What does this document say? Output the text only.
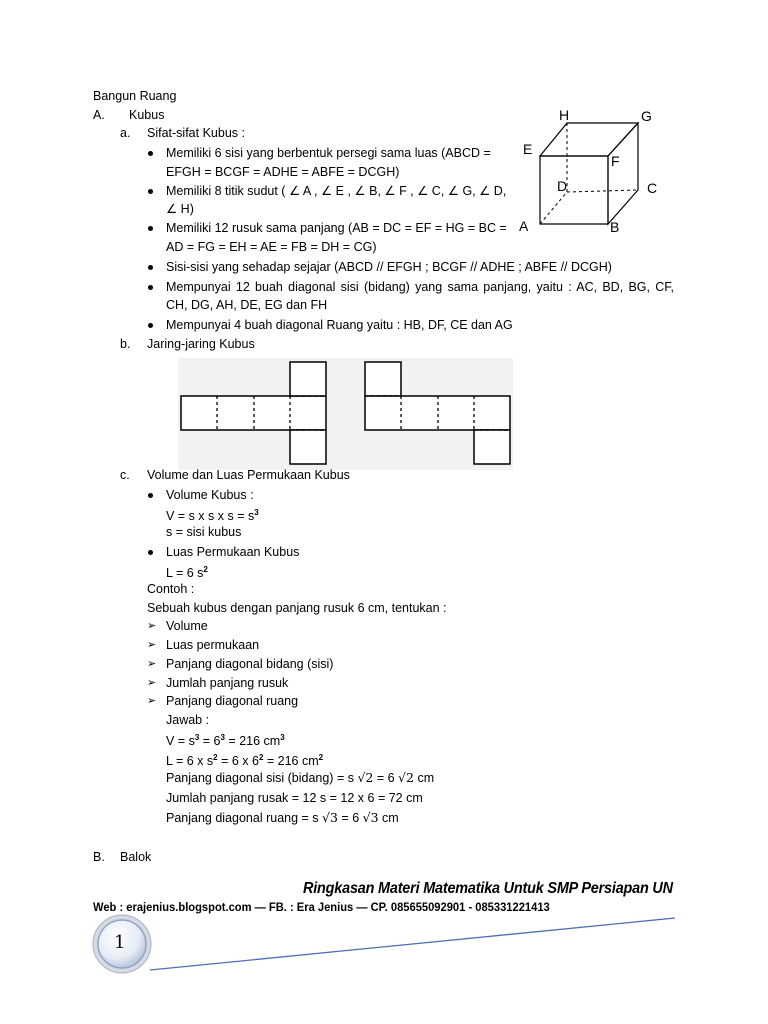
Bangun Ruang
A. Kubus
a. Sifat-sifat Kubus :
Memiliki 6 sisi yang berbentuk persegi sama luas (ABCD =
EFGH = BCGF = ADHE = ABFE = DCGH)
Memiliki 8 titik sudut ( ∠ A , ∠ E , ∠ B, ∠ F , ∠ C, ∠ G, ∠ D,
∠ H)
Memiliki 12 rusuk sama panjang (AB = DC = EF = HG = BC =
AD = FG = EH = AE = FB = DH = CG)
Sisi-sisi yang sehadap sejajar (ABCD // EFGH ; BCGF // ADHE ; ABFE // DCGH)
Mempunyai 12 buah diagonal sisi (bidang) yang sama panjang, yaitu : AC, BD, BG, CF,
CH, DG, AH, DE, EG dan FH
Mempunyai 4 buah diagonal Ruang yaitu : HB, DF, CE dan AG
H	G
E
F
D	C
A	B
b. Jaring-jaring Kubus
c. Volume dan Luas Permukaan Kubus
Volume Kubus :
V = s x s x $s = s^3$
s = sisi kubus
Luas Permukaan Kubus
L = 6 $s^2$
Contoh :
Sebuah kubus dengan panjang rusuk 6 cm, tentukan :
➢ Volume
➢ Luas permukaan
➢ Panjang diagonal bidang (sisi)
➢ Jumlah panjang rusuk
➢ Panjang diagonal ruang
Jawab :
$V = s^3 = 6^3 = 216$ $cm^3$
L = 6 x $s^2 = 6$ x $6^2 = 216$ $cm^2$
Panjang diagonal sisi (bidang) = s √2 = 6 √2 cm
Jumlah panjang rusak = 12 s = 12 x 6 = 72 cm
Panjang diagonal ruang = s √3 = 6 √3 cm
B. Balok
Ringkasan Materi Matematika Untuk SMP Persiapan UN
Web : erajenius.blogspot.com — FB. : Era Jenius — CP. 085655092901 - 085331221413
1
